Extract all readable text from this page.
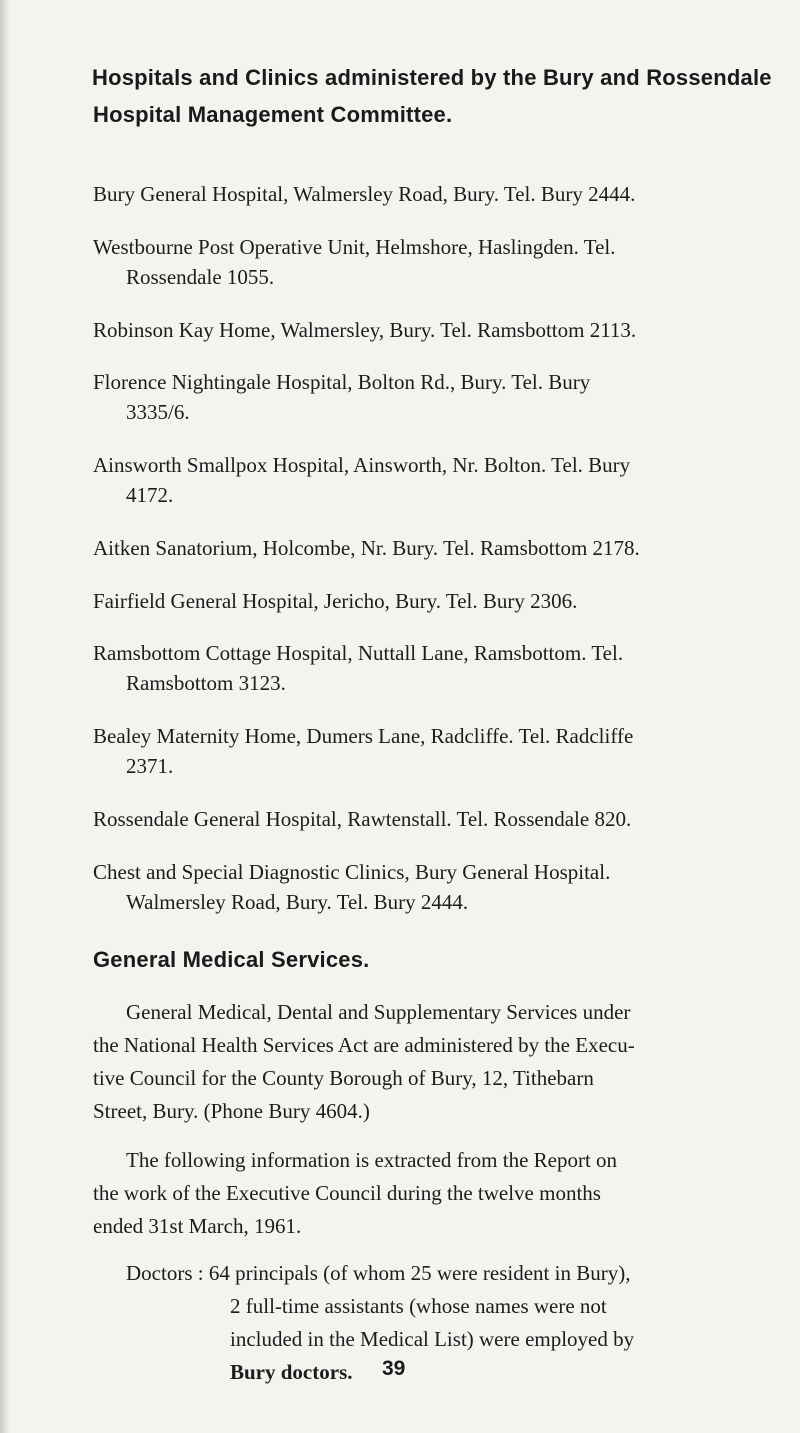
Hospitals and Clinics administered by the Bury and Rossendale
Hospital Management Committee.
Bury General Hospital, Walmersley Road, Bury. Tel. Bury 2444.
Westbourne Post Operative Unit, Helmshore, Haslingden. Tel.
Rossendale 1055.
Robinson Kay Home, Walmersley, Bury. Tel. Ramsbottom 2113.
Florence Nightingale Hospital, Bolton Rd., Bury. Tel. Bury
3335/6.
Ainsworth Smallpox Hospital, Ainsworth, Nr. Bolton. Tel. Bury
4172.
Aitken Sanatorium, Holcombe, Nr. Bury. Tel. Ramsbottom 2178.
Fairfield General Hospital, Jericho, Bury. Tel. Bury 2306.
Ramsbottom Cottage Hospital, Nuttall Lane, Ramsbottom. Tel.
Ramsbottom 3123.
Bealey Maternity Home, Dumers Lane, Radcliffe. Tel. Radcliffe
2371.
Rossendale General Hospital, Rawtenstall. Tel. Rossendale 820.
Chest and Special Diagnostic Clinics, Bury General Hospital.
Walmersley Road, Bury. Tel. Bury 2444.
General Medical Services.
General Medical, Dental and Supplementary Services under
the National Health Services Act are administered by the Execu-
tive Council for the County Borough of Bury, 12, Tithebarn
Street, Bury. (Phone Bury 4604.)
The following information is extracted from the Report on
the work of the Executive Council during the twelve months
ended 31st March, 1961.
Doctors : 64 principals (of whom 25 were resident in Bury),
2 full-time assistants (whose names were not
included in the Medical List) were employed by
Bury doctors.	39
